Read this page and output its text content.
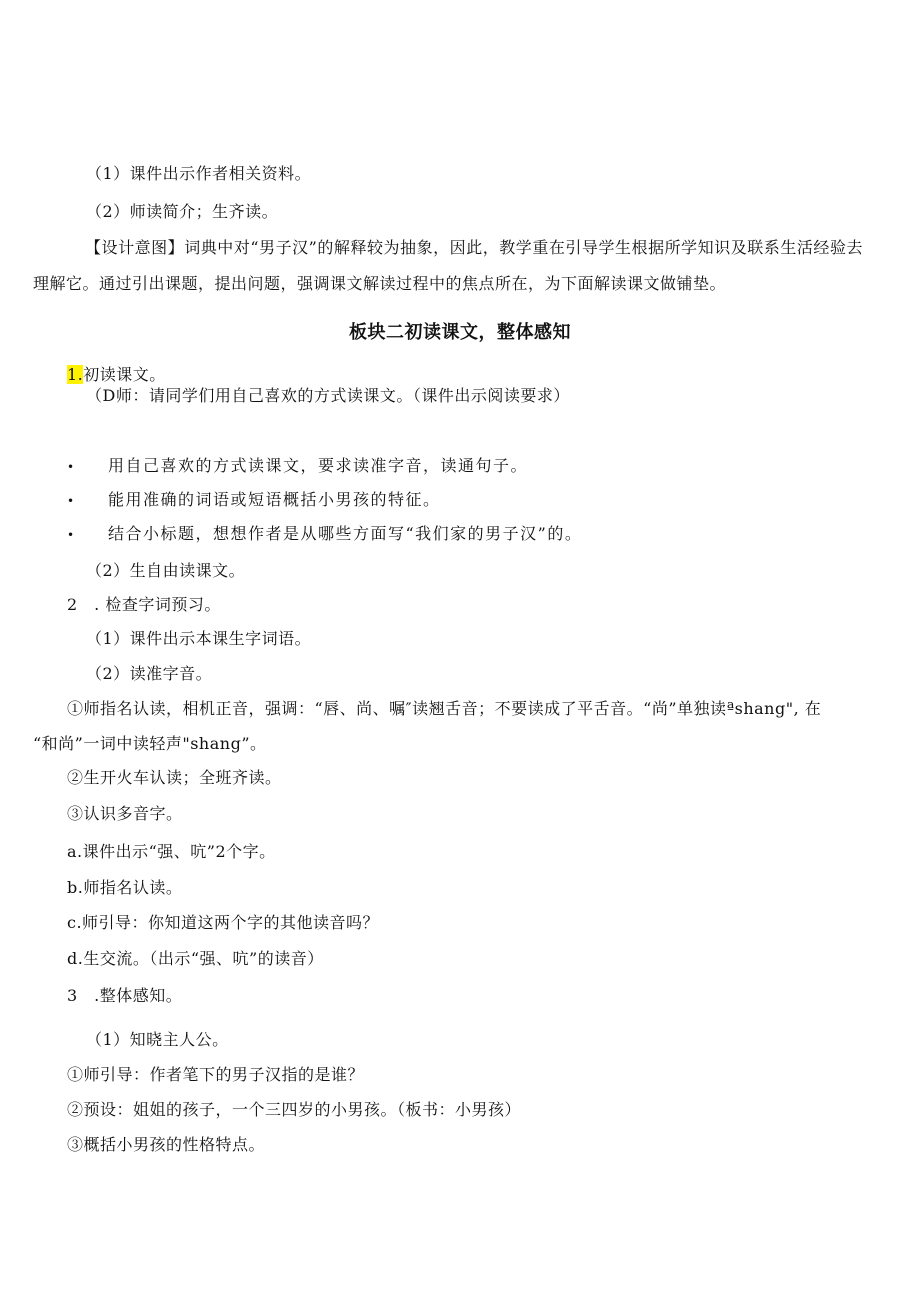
（1）课件出示作者相关资料。
（2）师读简介；生齐读。
【设计意图】词典中对“男子汉”的解释较为抽象，因此，教学重在引导学生根据所学知识及联系生活经验去理解它。通过引出课题，提出问题，强调课文解读过程中的焦点所在，为下面解读课文做铺垫。
板块二初读课文，整体感知
1.初读课文。
（D师：请同学们用自己喜欢的方式读课文。（课件出示阅读要求）
• 用自己喜欢的方式读课文，要求读准字音，读通句子。
• 能用准确的词语或短语概括小男孩的特征。
• 结合小标题，想想作者是从哪些方面写“我们家的男子汉”的。
（2）生自由读课文。
2　. 检查字词预习。
（1）课件出示本课生字词语。
（2）读准字音。
①师指名认读，相机正音，强调：“唇、尚、嘱″读翘舌音；不要读成了平舌音。“尚”单独读ªshang", 在
“和尚”一词中读轻声"shang”。
②生开火车认读；全班齐读。
③认识多音字。
a.课件出示“强、吭”2个字。
b.师指名认读。
c.师引导：你知道这两个字的其他读音吗？
d.生交流。（出示“强、吭”的读音）
3　.整体感知。
（1）知晓主人公。
①师引导：作者笔下的男子汉指的是谁？
②预设：姐姐的孩子，一个三四岁的小男孩。（板书：小男孩）
③概括小男孩的性格特点。
